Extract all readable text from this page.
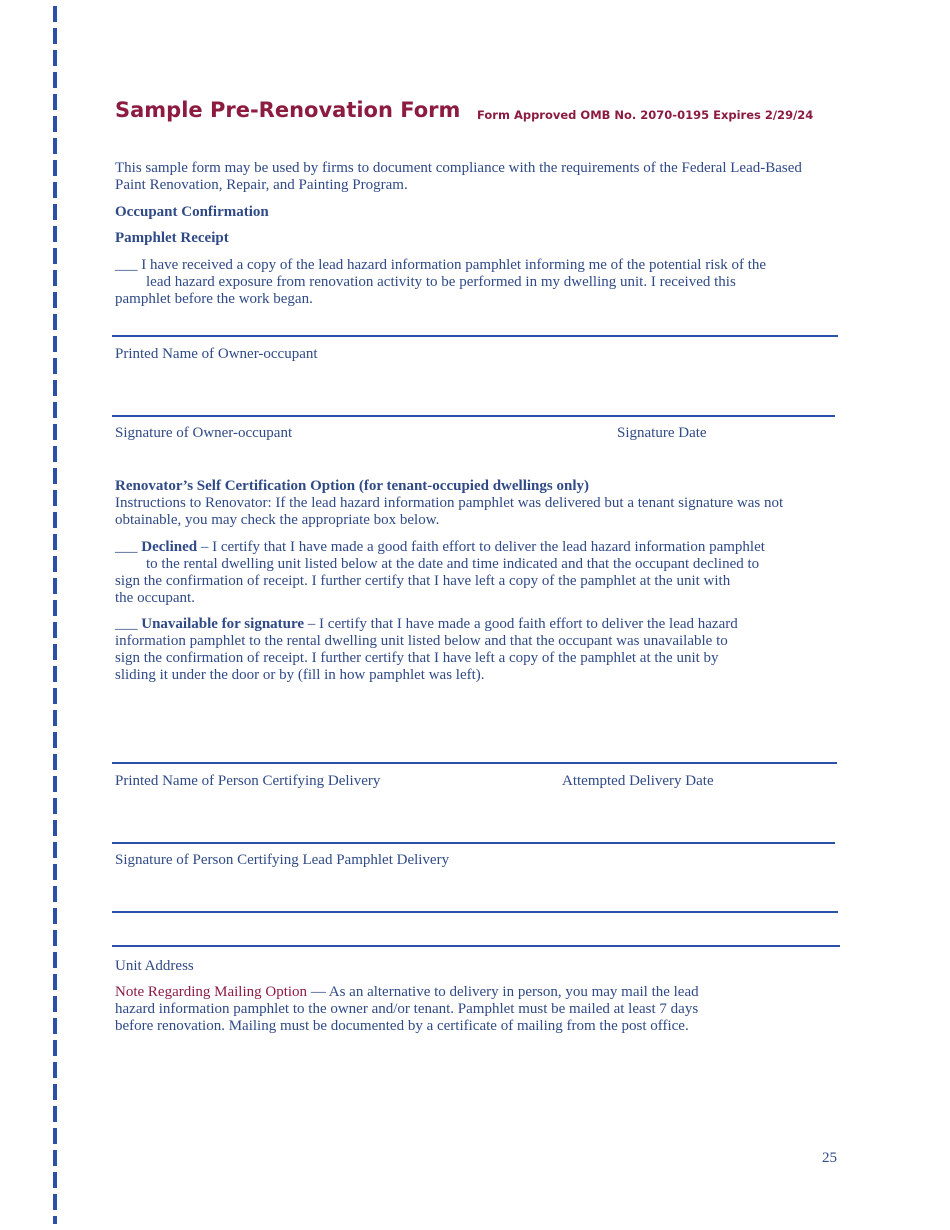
Sample Pre-Renovation Form Form Approved OMB No. 2070-0195 Expires 2/29/24

This sample form may be used by firms to document compliance with the requirements of the Federal Lead-Based Paint Renovation, Repair, and Painting Program.

Occupant Confirmation

Pamphlet Receipt

___ I have received a copy of the lead hazard information pamphlet informing me of the potential risk of the

lead hazard exposure from renovation activity to be performed in my dwelling unit. I received this
pamphlet before the work began.

Printed Name of Owner-occupant
Signature of Owner-occupant	Signature Date

Renovator’s Self Certification Option (for tenant-occupied dwellings only)

Instructions to Renovator: If the lead hazard information pamphlet was delivered but a tenant signature was not obtainable, you may check the appropriate box below.

___ Declined – I certify that I have made a good faith effort to deliver the lead hazard information pamphlet

to the rental dwelling unit listed below at the date and time indicated and that the occupant declined to
sign the confirmation of receipt. I further certify that I have left a copy of the pamphlet at the unit with
the occupant.

___ Unavailable for signature – I certify that I have made a good faith effort to deliver the lead hazard
information pamphlet to the rental dwelling unit listed below and that the occupant was unavailable to
sign the confirmation of receipt. I further certify that I have left a copy of the pamphlet at the unit by
sliding it under the door or by (fill in how pamphlet was left).

Printed Name of Person Certifying Delivery	Attempted Delivery Date
Signature of Person Certifying Lead Pamphlet Delivery
Unit Address

Note Regarding Mailing Option — As an alternative to delivery in person, you may mail the lead
hazard information pamphlet to the owner and/or tenant. Pamphlet must be mailed at least 7 days
before renovation. Mailing must be documented by a certificate of mailing from the post office.

25
